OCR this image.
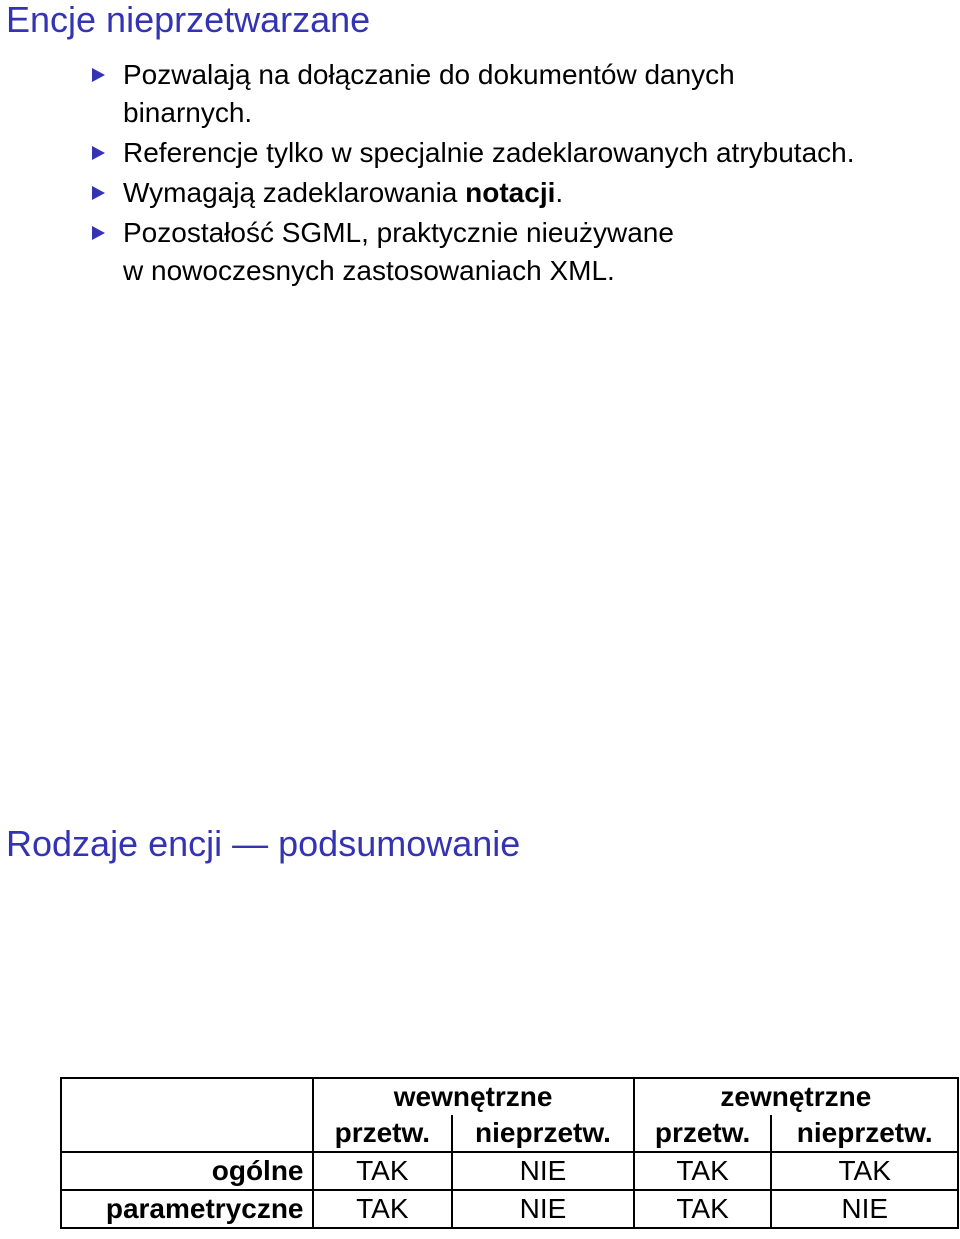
Encje nieprzetwarzane
Pozwalają na dołączanie do dokumentów danych binarnych.
Referencje tylko w specjalnie zadeklarowanych atrybutach.
Wymagają zadeklarowania notacji.
Pozostałość SGML, praktycznie nieużywane
w nowoczesnych zastosowaniach XML.
Rodzaje encji — podsumowanie
	wewnętrzne		zewnętrzne	
	przetw.	nieprzetw.	przetw.	nieprzetw.
ogólne	TAK	NIE	TAK	TAK
parametryczne	TAK	NIE	TAK	NIE
